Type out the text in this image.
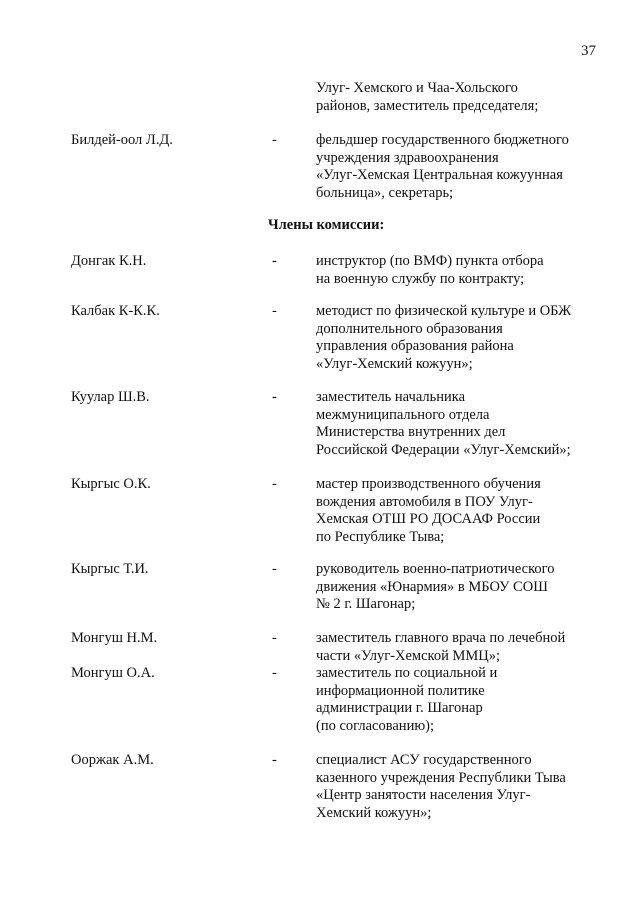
37
Улуг- Хемского и Чаа-Хольского
районов, заместитель председателя;
Билдей-оол Л.Д.	-	фельдшер государственного бюджетного
учреждения здравоохранения
«Улуг-Хемская Центральная кожуунная
больница», секретарь;
Члены комиссии:
Донгак К.Н.	-	инструктор (по ВМФ) пункта отбора
на военную службу по контракту;
Калбак К-К.К.	-	методист по физической культуре и ОБЖ
дополнительного образования
управления образования района
«Улуг-Хемский кожуун»;
Куулар Ш.В.	-	заместитель начальника
межмуниципального отдела
Министерства внутренних дел
Российской Федерации «Улуг-Хемский»;
Кыргыс О.К.	-	мастер производственного обучения
вождения автомобиля в ПОУ Улуг-
Хемская ОТШ РО ДОСААФ России
по Республике Тыва;
Кыргыс Т.И.	-	руководитель военно-патриотического
движения «Юнармия» в МБОУ СОШ
№ 2 г. Шагонар;
Монгуш Н.М.	-	заместитель главного врача по лечебной
части «Улуг-Хемской ММЦ»;
Монгуш О.А.	-	заместитель по социальной и
информационной политике
администрации г. Шагонар
(по согласованию);
Ооржак А.М.	-	специалист АСУ государственного
казенного учреждения Республики Тыва
«Центр занятости населения Улуг-
Хемский кожуун»;
